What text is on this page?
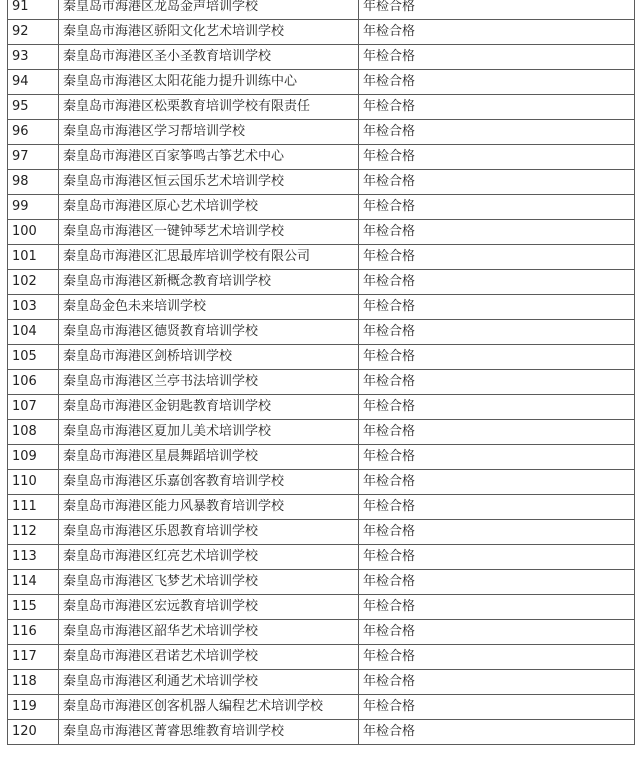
91	秦皇岛市海港区龙岛金声培训学校	年检合格
92	秦皇岛市海港区骄阳文化艺术培训学校	年检合格
93	秦皇岛市海港区圣小圣教育培训学校	年检合格
94	秦皇岛市海港区太阳花能力提升训练中心	年检合格
95	秦皇岛市海港区松栗教育培训学校有限责任	年检合格
96	秦皇岛市海港区学习帮培训学校	年检合格
97	秦皇岛市海港区百家筝鸣古筝艺术中心	年检合格
98	秦皇岛市海港区恒云国乐艺术培训学校	年检合格
99	秦皇岛市海港区原心艺术培训学校	年检合格
100	秦皇岛市海港区一键钟琴艺术培训学校	年检合格
101	秦皇岛市海港区汇思最库培训学校有限公司	年检合格
102	秦皇岛市海港区新概念教育培训学校	年检合格
103	秦皇岛金色未来培训学校	年检合格
104	秦皇岛市海港区德贤教育培训学校	年检合格
105	秦皇岛市海港区剑桥培训学校	年检合格
106	秦皇岛市海港区兰亭书法培训学校	年检合格
107	秦皇岛市海港区金钥匙教育培训学校	年检合格
108	秦皇岛市海港区夏加儿美术培训学校	年检合格
109	秦皇岛市海港区星晨舞蹈培训学校	年检合格
110	秦皇岛市海港区乐嘉创客教育培训学校	年检合格
111	秦皇岛市海港区能力风暴教育培训学校	年检合格
112	秦皇岛市海港区乐恩教育培训学校	年检合格
113	秦皇岛市海港区红亮艺术培训学校	年检合格
114	秦皇岛市海港区飞梦艺术培训学校	年检合格
115	秦皇岛市海港区宏远教育培训学校	年检合格
116	秦皇岛市海港区韶华艺术培训学校	年检合格
117	秦皇岛市海港区君诺艺术培训学校	年检合格
118	秦皇岛市海港区利通艺术培训学校	年检合格
119	秦皇岛市海港区创客机器人编程艺术培训学校	年检合格
120	秦皇岛市海港区菁睿思维教育培训学校	年检合格
